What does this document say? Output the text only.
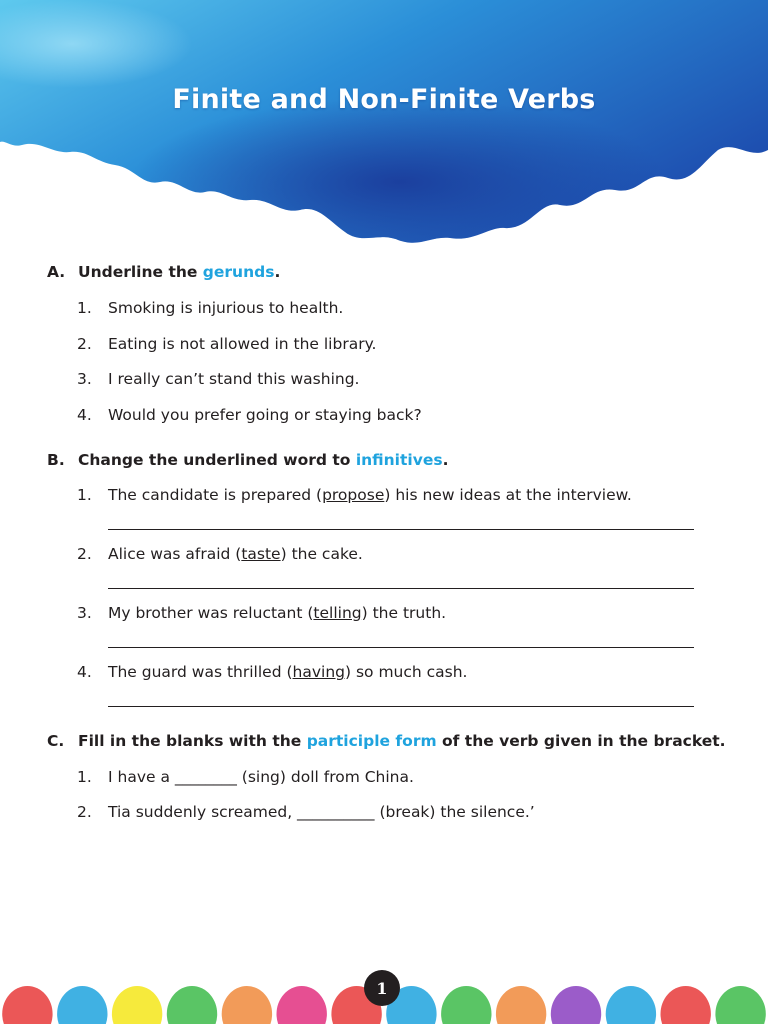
Finite and Non-Finite Verbs
A. Underline the gerunds.
1. Smoking is injurious to health.
2. Eating is not allowed in the library.
3. I really can’t stand this washing.
4. Would you prefer going or staying back?
B. Change the underlined word to infinitives.
1. The candidate is prepared (propose) his new ideas at the interview.
2. Alice was afraid (taste) the cake.
3. My brother was reluctant (telling) the truth.
4. The guard was thrilled (having) so much cash.
C. Fill in the blanks with the participle form of the verb given in the bracket.
1. I have a ________ (sing) doll from China.
2. Tia suddenly screamed, __________ (break) the silence.’
1
